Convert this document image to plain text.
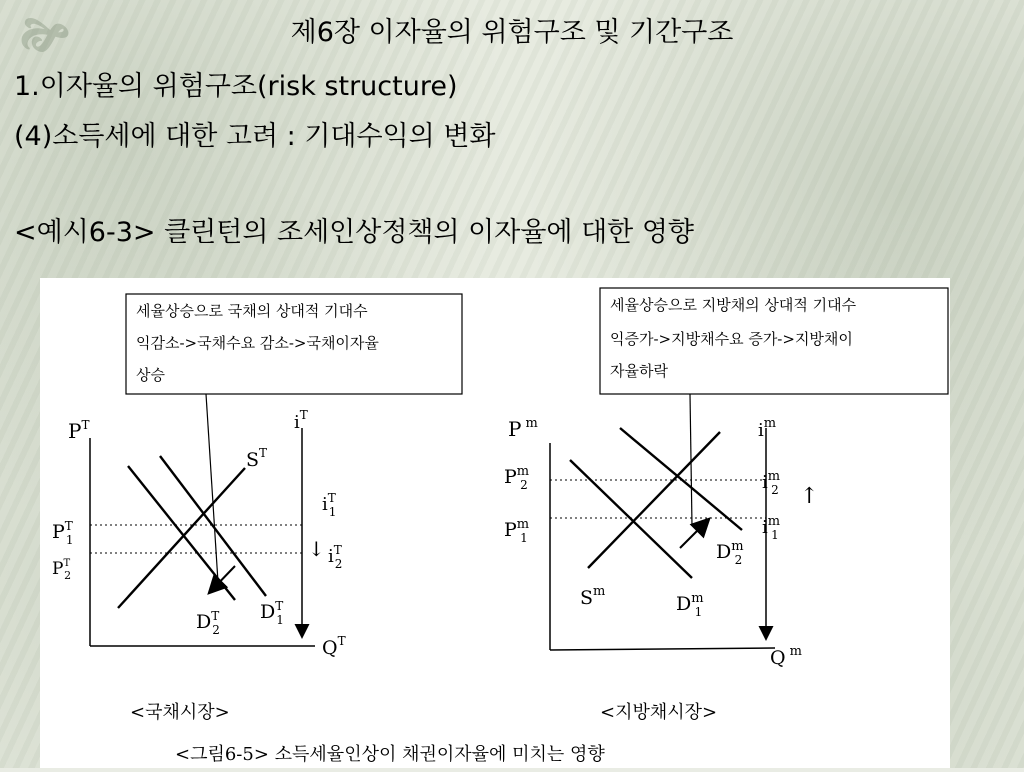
🙞	제6장 이자율의 위험구조 및 기간구조
1.이자율의 위험구조(risk structure)
(4)소득세에 대한 고려 : 기대수익의 변화
<예시6-3> 클린턴의 조세인상정책의 이자율에 대한 영향
세율상승으로 국채의 상대적 기대수
익감소->국채수요 감소->국채이자율
상승
↓
$P^T$	$i^T$
$Q^T$
$S^T$
$D^T$ 1
$D^T$ 2
$P^T$ 1
$P^T$ 2
$i^T$ 1
$i^T$ 2
<국채시장>
세율상승으로 지방채의 상대적 기대수
익증가->지방채수요 증가->지방채이
자율하락
↑
P $^m$	$i^m$
Q $^m$
$S^m$
$D^m$ 1
$D^m$ 2
$P^m$ 2
$P^m$ 1
$i^m$ 2
$i^m$ 1
<지방채시장>
<그림6-5> 소득세율인상이 채권이자율에 미치는 영향
